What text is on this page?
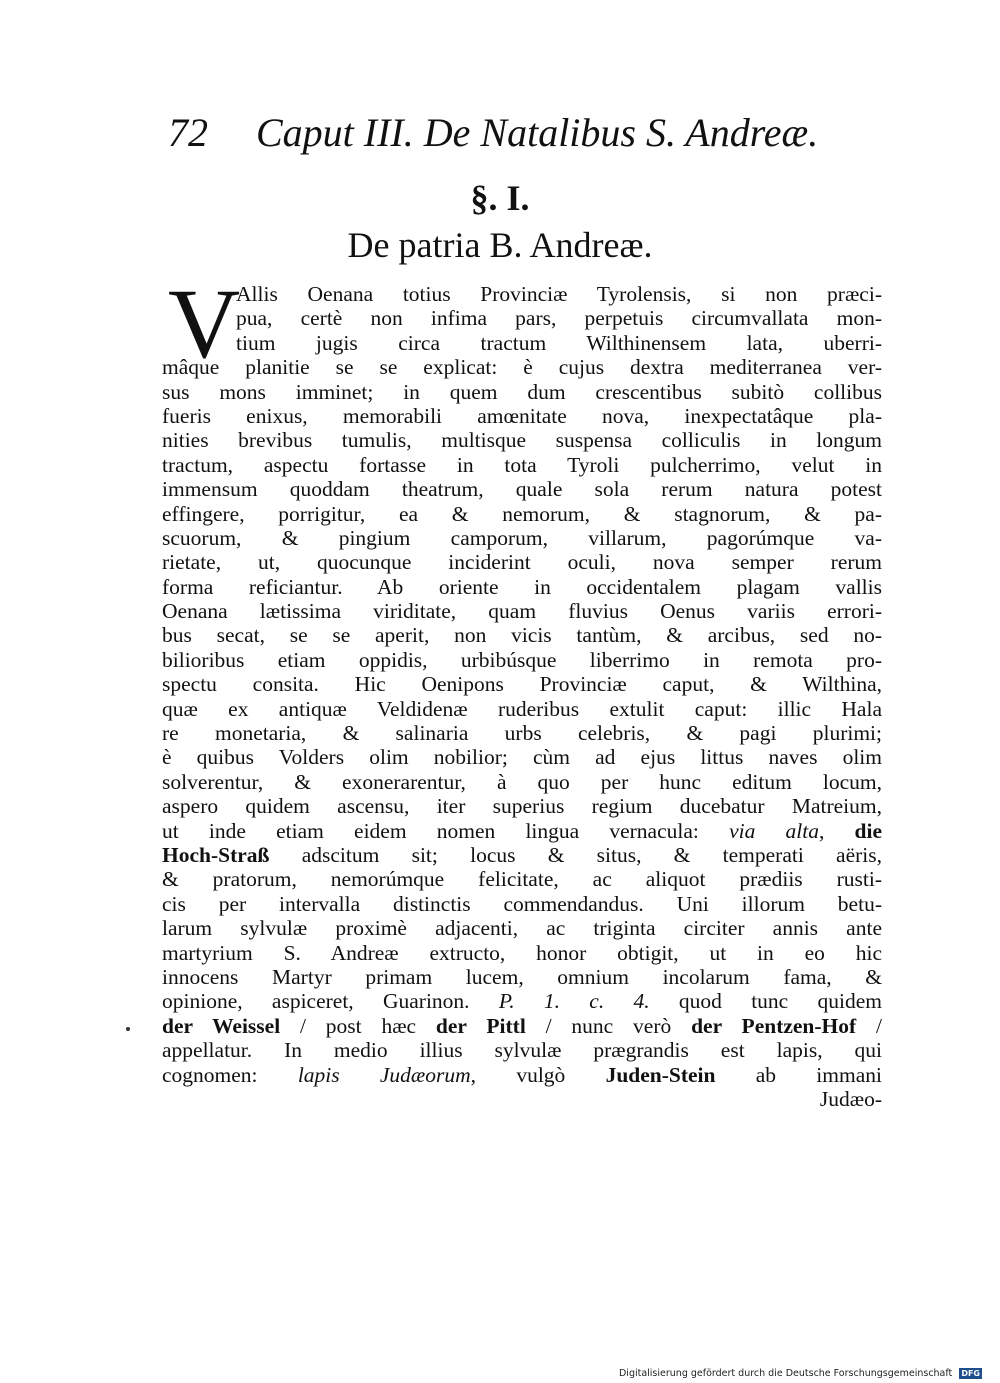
72 Caput III. De Natalibus S. Andreæ.
§. I.
De patria B. Andreæ.
V
Allis Oenana totius Provinciæ Tyrolensis, si non præci-
pua, certè non infima pars, perpetuis circumvallata mon-
tium jugis circa tractum Wilthinensem lata, uberri-
mâque planitie se se explicat: è cujus dextra mediterranea ver-
sus mons imminet; in quem dum crescentibus subitò collibus
fueris enixus, memorabili amœnitate nova, inexpectatâque pla-
nities brevibus tumulis, multisque suspensa colliculis in longum
tractum, aspectu fortasse in tota Tyroli pulcherrimo, velut in
immensum quoddam theatrum, quale sola rerum natura potest
effingere, porrigitur, ea & nemorum, & stagnorum, & pa-
scuorum, & pingium camporum, villarum, pagorúmque va-
rietate, ut, quocunque inciderint oculi, nova semper rerum
forma reficiantur. Ab oriente in occidentalem plagam vallis
Oenana lætissima viriditate, quam fluvius Oenus variis errori-
bus secat, se se aperit, non vicis tantùm, & arcibus, sed no-
bilioribus etiam oppidis, urbibúsque liberrimo in remota pro-
spectu consita. Hic Oenipons Provinciæ caput, & Wilthina,
quæ ex antiquæ Veldidenæ ruderibus extulit caput: illic Hala
re monetaria, & salinaria urbs celebris, & pagi plurimi;
è quibus Volders olim nobilior; cùm ad ejus littus naves olim
solverentur, & exonerarentur, à quo per hunc editum locum,
aspero quidem ascensu, iter superius regium ducebatur Matreium,
ut inde etiam eidem nomen lingua vernacula: via alta, die
Hoch-Straß adscitum sit; locus & situs, & temperati aëris,
& pratorum, nemorúmque felicitate, ac aliquot prædiis rusti-
cis per intervalla distinctis commendandus. Uni illorum betu-
larum sylvulæ proximè adjacenti, ac triginta circiter annis ante
martyrium S. Andreæ extructo, honor obtigit, ut in eo hic
innocens Martyr primam lucem, omnium incolarum fama, &
opinione, aspiceret, Guarinon. P. 1. c. 4. quod tunc quidem
der Weissel / post hæc der Pittl / nunc verò der Pentzen-Hof /
appellatur. In medio illius sylvulæ prægrandis est lapis, qui
cognomen: lapis Judæorum, vulgò Juden-Stein ab immani
Judæo-
Digitalisierung gefördert durch die Deutsche Forschungsgemeinschaft DFG
